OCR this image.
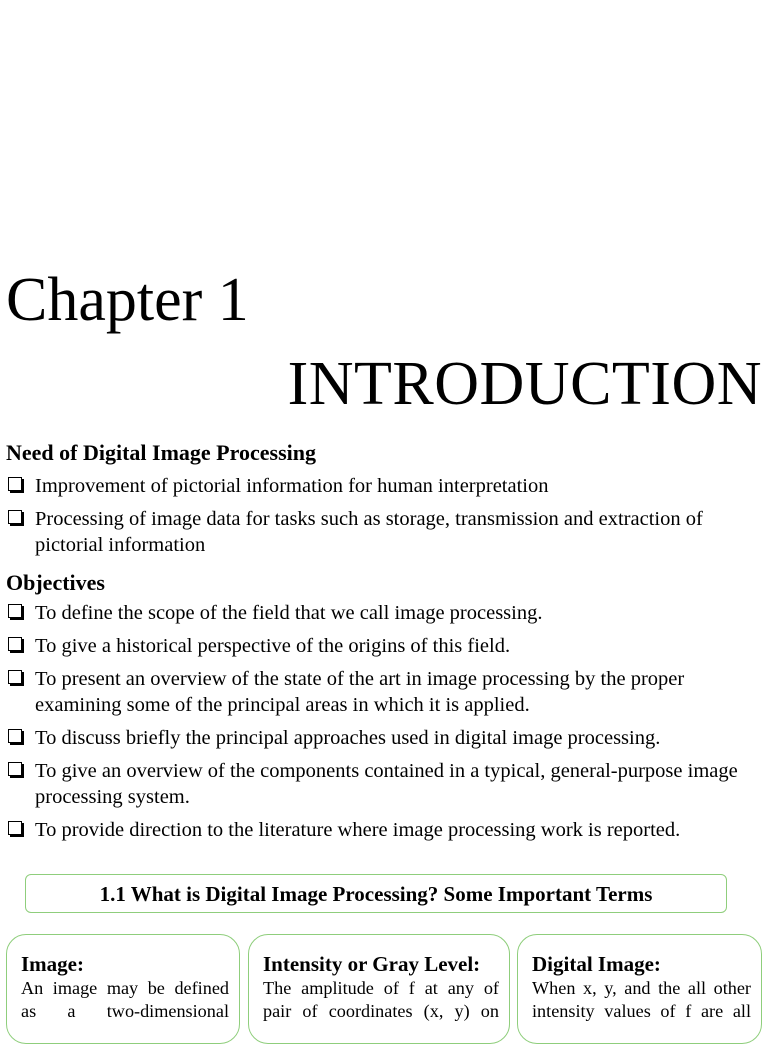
Chapter 1
INTRODUCTION
Need of Digital Image Processing
Improvement of pictorial information for human interpretation
Processing of image data for tasks such as storage, transmission and extraction of pictorial information
Objectives
To define the scope of the field that we call image processing.
To give a historical perspective of the origins of this field.
To present an overview of the state of the art in image processing by the proper examining some of the principal areas in which it is applied.
To discuss briefly the principal approaches used in digital image processing.
To give an overview of the components contained in a typical, general-purpose image processing system.
To provide direction to the literature where image processing work is reported.
1.1 What is Digital Image Processing? Some Important Terms

Image:

An image may be defined

as a two-dimensional

Intensity or Gray Level:

The amplitude of f at any of

pair of coordinates (x, y) on

Digital Image:

When x, y, and the all other

intensity values of f are all
